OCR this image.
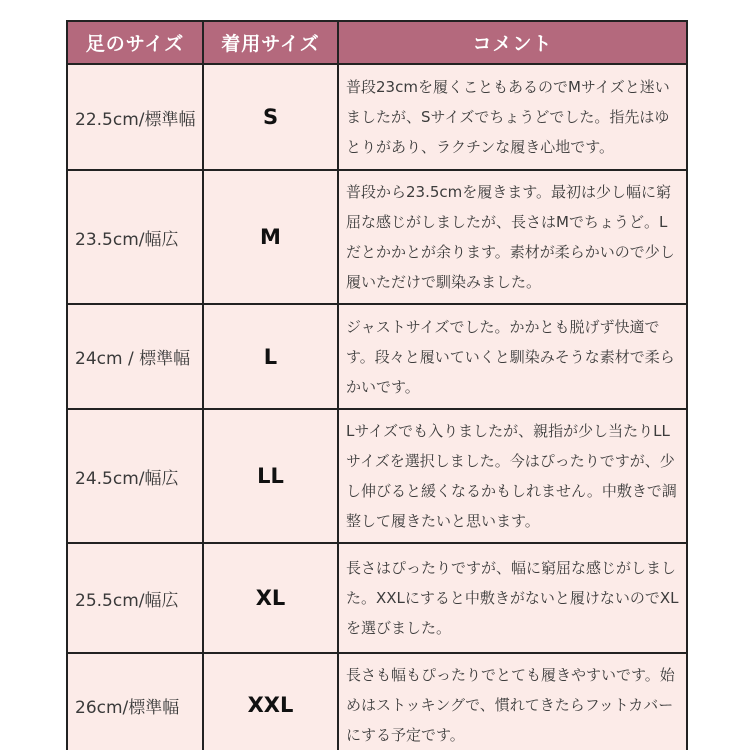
足のサイズ	着用サイズ	コメント
22.5cm/標準幅	S	普段23cmを履くこともあるのでMサイズと迷いましたが、Sサイズでちょうどでした。指先はゆとりがあり、ラクチンな履き心地です。
23.5cm/幅広	M	普段から23.5cmを履きます。最初は少し幅に窮屈な感じがしましたが、長さはMでちょうど。Lだとかかとが余ります。素材が柔らかいので少し履いただけで馴染みました。
24cm / 標準幅	L	ジャストサイズでした。かかとも脱げず快適です。段々と履いていくと馴染みそうな素材で柔らかいです。
24.5cm/幅広	LL	Lサイズでも入りましたが、親指が少し当たりLLサイズを選択しました。今はぴったりですが、少し伸びると緩くなるかもしれません。中敷きで調整して履きたいと思います。
25.5cm/幅広	XL	長さはぴったりですが、幅に窮屈な感じがしました。XXLにすると中敷きがないと履けないのでXLを選びました。
26cm/標準幅	XXL	長さも幅もぴったりでとても履きやすいです。始めはストッキングで、慣れてきたらフットカバーにする予定です。
